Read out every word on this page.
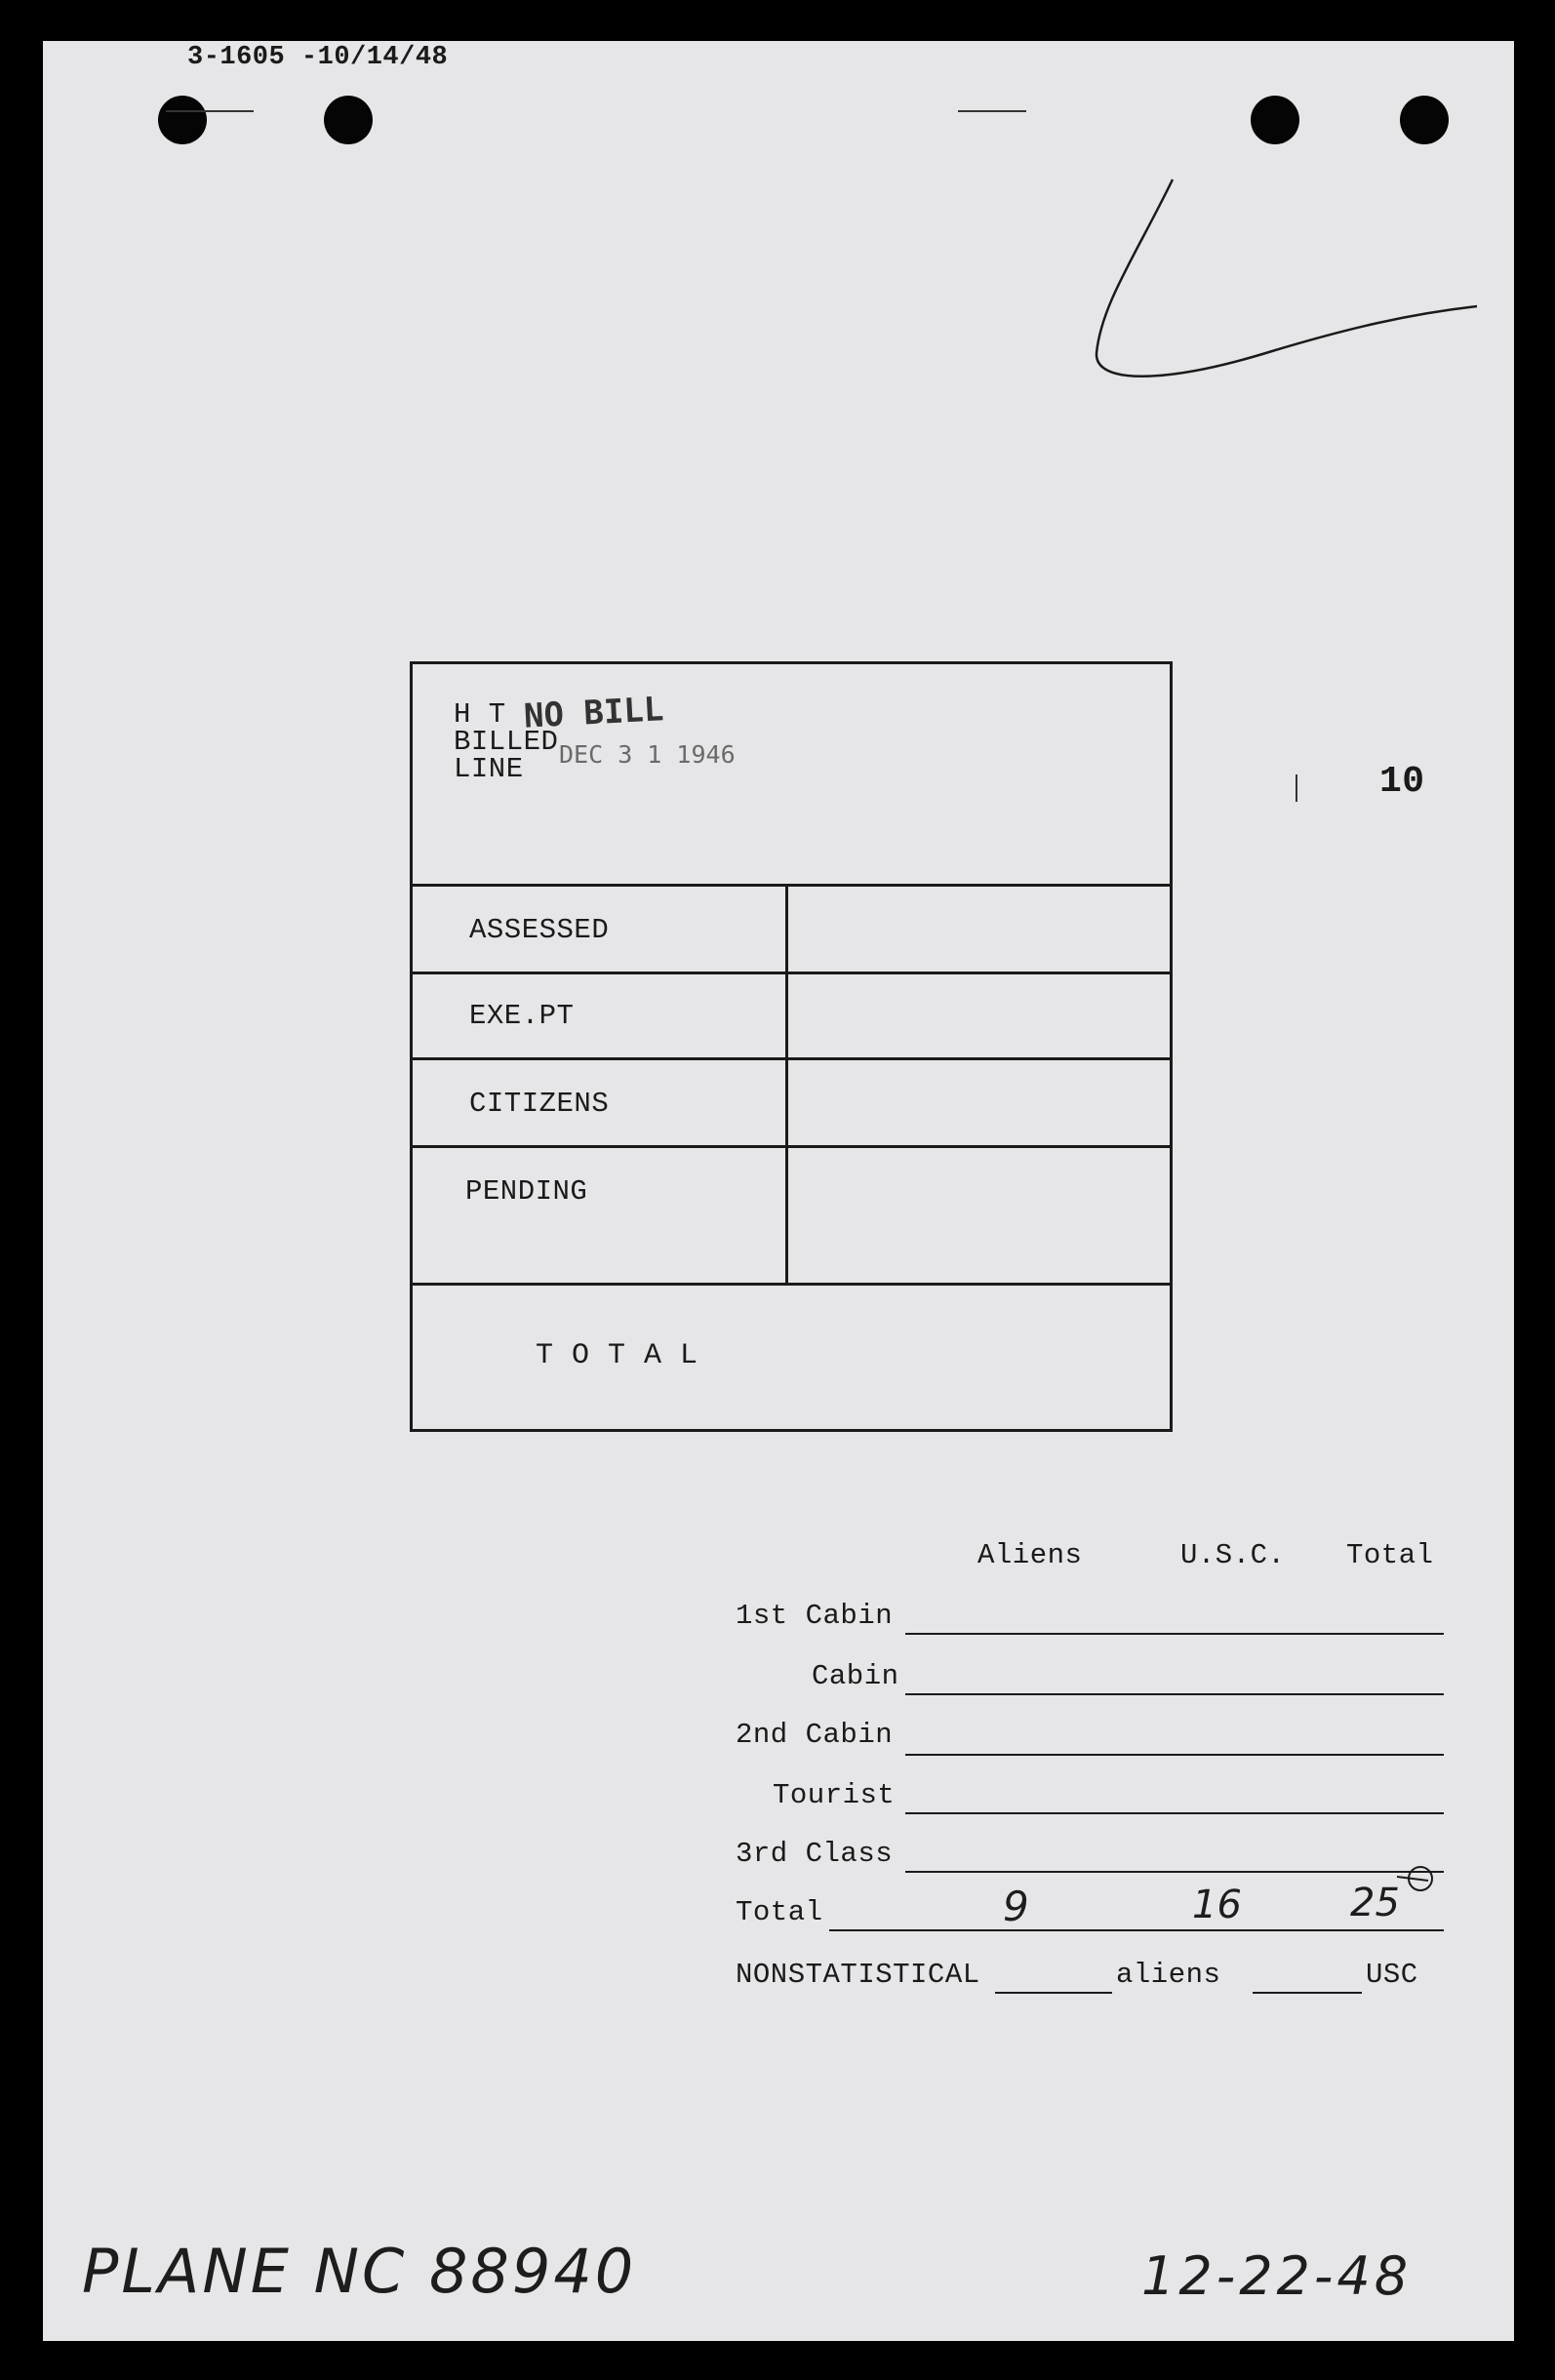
3-1605 -10/14/48
H T
BILLED
LINE
NO BILL
DEC 3 1 1946
ASSESSED
EXE.PT
CITIZENS
PENDING
T O T A L
10
Aliens	U.S.C. Total
1st Cabin
Cabin
2nd Cabin
Tourist
3rd Class
Total	9	16	25
NONSTATISTICAL	aliens	USC
PLANE NC 88940	12-22-48
